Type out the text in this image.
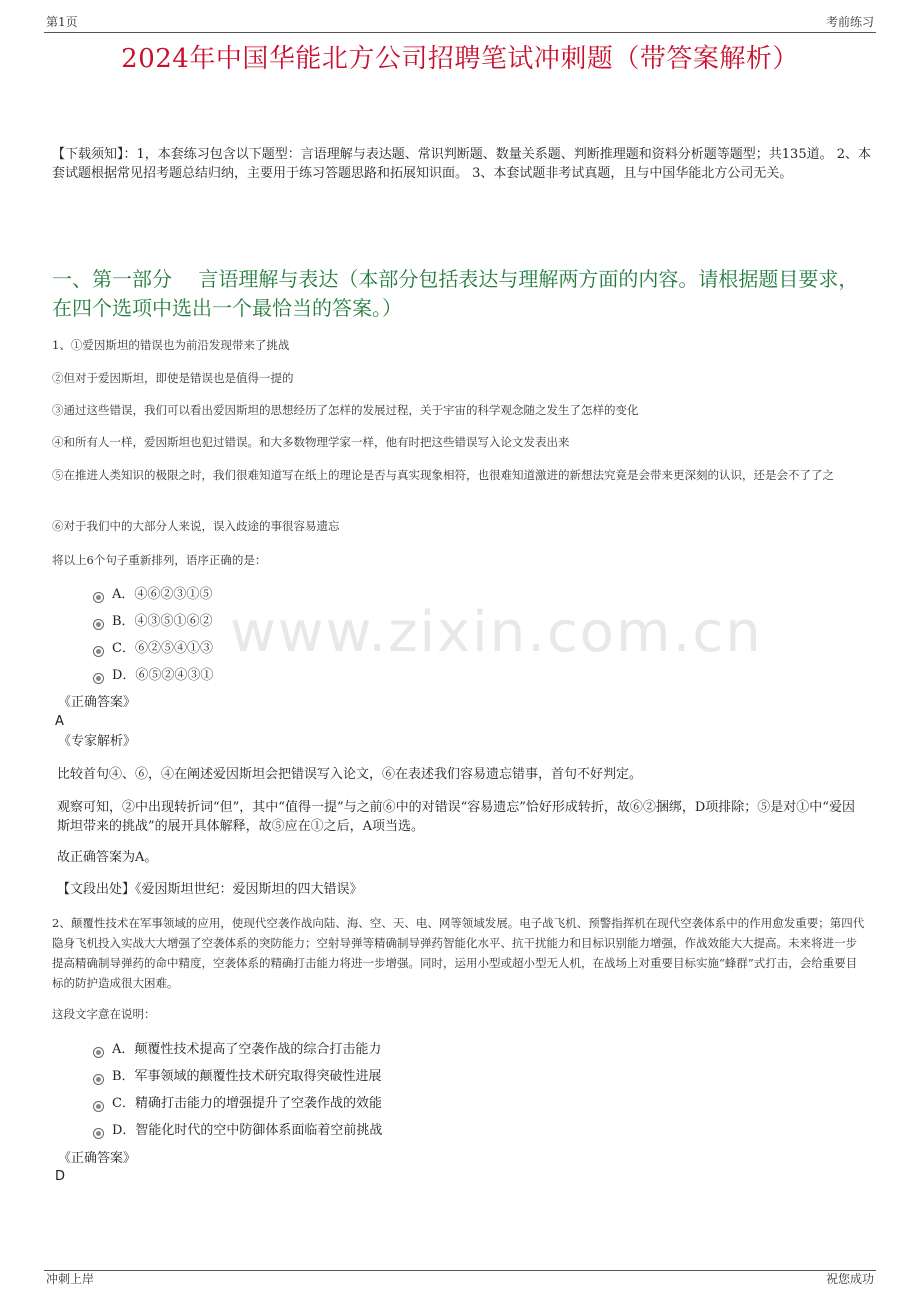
第1页	考前练习
2024年中国华能北方公司招聘笔试冲刺题（带答案解析）
【下载须知】：1，本套练习包含以下题型：言语理解与表达题、常识判断题、数量关系题、判断推理题和资料分析题等题型；共135道。 2、本套试题根据常见招考题总结归纳，主要用于练习答题思路和拓展知识面。 3、本套试题非考试真题，且与中国华能北方公司无关。
一、第一部分　 言语理解与表达（本部分包括表达与理解两方面的内容。请根据题目要求，在四个选项中选出一个最恰当的答案。）
www.zixin.com.cn
1、①爱因斯坦的错误也为前沿发现带来了挑战
②但对于爱因斯坦，即使是错误也是值得一提的
③通过这些错误，我们可以看出爱因斯坦的思想经历了怎样的发展过程，关于宇宙的科学观念随之发生了怎样的变化
④和所有人一样，爱因斯坦也犯过错误。和大多数物理学家一样，他有时把这些错误写入论文发表出来
⑤在推进人类知识的极限之时，我们很难知道写在纸上的理论是否与真实现象相符，也很难知道激进的新想法究竟是会带来更深刻的认识，还是会不了了之
⑥对于我们中的大部分人来说，误入歧途的事很容易遗忘
将以上6个句子重新排列，语序正确的是：
A．④⑥②③①⑤
B．④③⑤①⑥②
C．⑥②⑤④①③
D．⑥⑤②④③①
《正确答案》
A
《专家解析》
比较首句④、⑥，④在阐述爱因斯坦会把错误写入论文，⑥在表述我们容易遗忘错事，首句不好判定。
观察可知，②中出现转折词“但”，其中“值得一提”与之前⑥中的对错误“容易遗忘”恰好形成转折，故⑥②捆绑，D项排除；⑤是对①中“爱因斯坦带来的挑战”的展开具体解释，故⑤应在①之后，A项当选。
故正确答案为A。
【文段出处】《爱因斯坦世纪：爱因斯坦的四大错误》
2、颠覆性技术在军事领域的应用，使现代空袭作战向陆、海、空、天、电、网等领域发展。电子战飞机、预警指挥机在现代空袭体系中的作用愈发重要；第四代隐身飞机投入实战大大增强了空袭体系的突防能力；空射导弹等精确制导弹药智能化水平、抗干扰能力和目标识别能力增强，作战效能大大提高。未来将进一步提高精确制导弹药的命中精度，空袭体系的精确打击能力将进一步增强。同时，运用小型或超小型无人机，在战场上对重要目标实施“蜂群”式打击，会给重要目标的防护造成很大困难。
这段文字意在说明：
A．颠覆性技术提高了空袭作战的综合打击能力
B．军事领域的颠覆性技术研究取得突破性进展
C．精确打击能力的增强提升了空袭作战的效能
D．智能化时代的空中防御体系面临着空前挑战
《正确答案》
D
冲刺上岸	祝您成功
